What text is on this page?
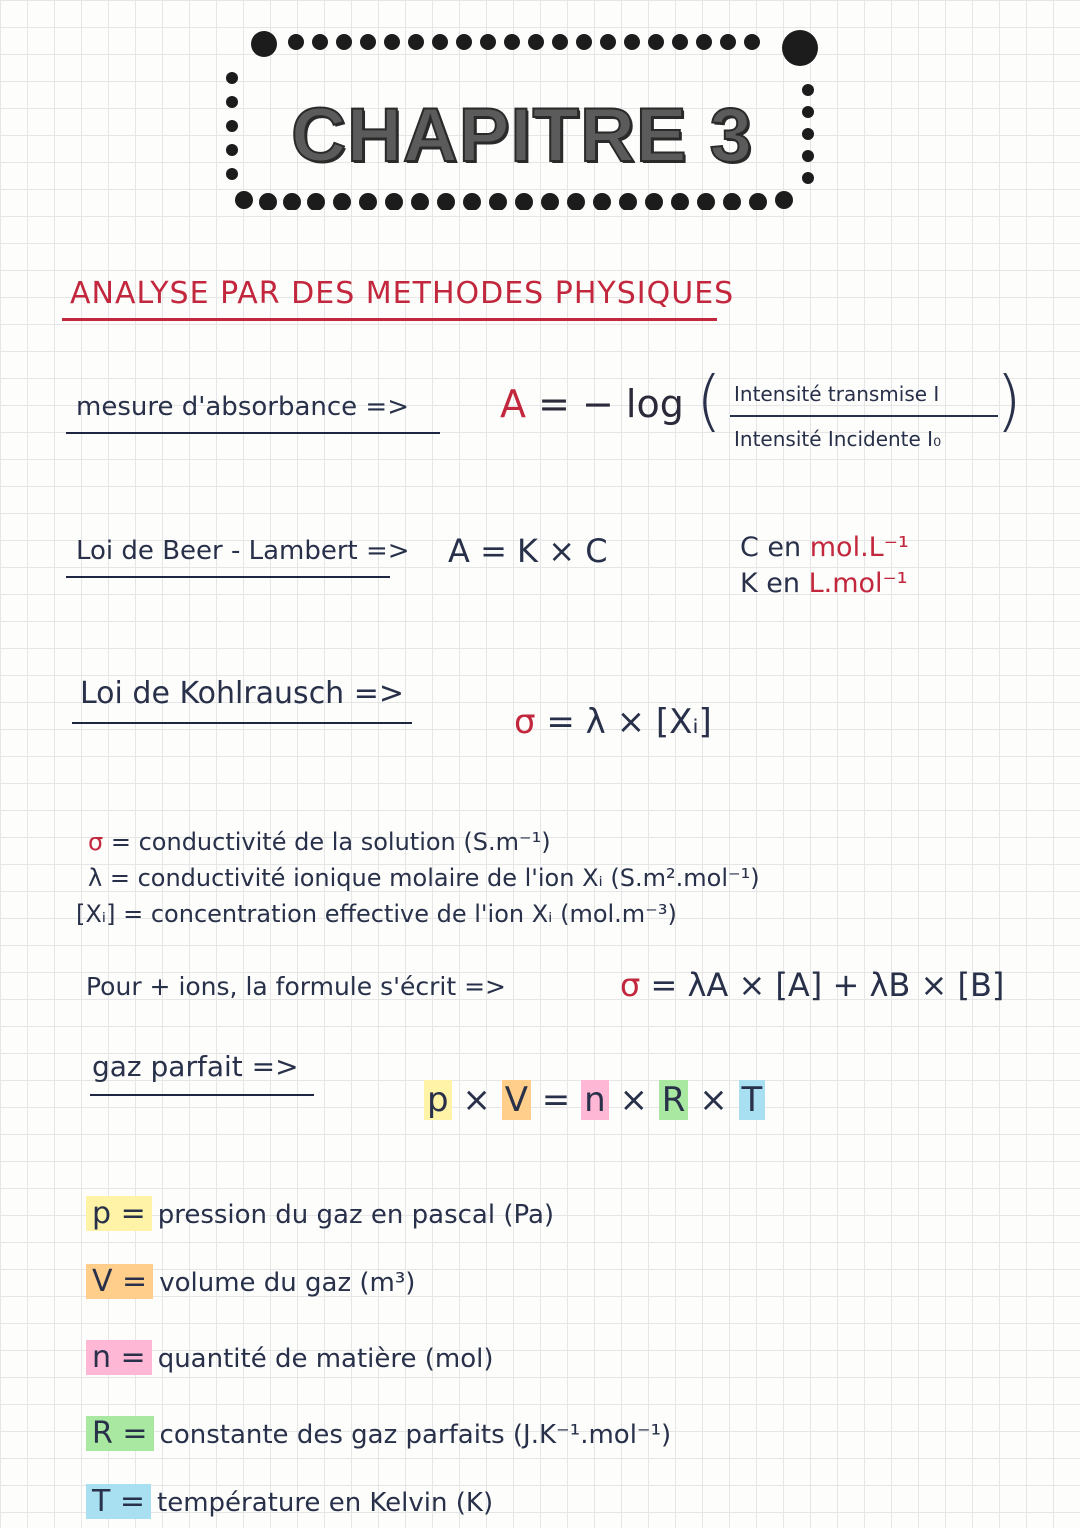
CHAPITRE 3
ANALYSE PAR DES METHODES PHYSIQUES
mesure d'absorbance => A = − log ( Intensité transmise I
Intensité Incidente I₀ )
Loi de Beer - Lambert => A = K × C	C en mol.L⁻¹
K en L.mol⁻¹
Loi de Kohlrausch =>
σ = λ × [Xᵢ]
σ = conductivité de la solution (S.m⁻¹)
λ = conductivité ionique molaire de l'ion Xᵢ (S.m².mol⁻¹)
[Xᵢ] = concentration effective de l'ion Xᵢ (mol.m⁻³)
Pour + ions, la formule s'écrit =>	σ = λA × [A] + λB × [B]
gaz parfait =>
p × V = n × R × T
p = pression du gaz en pascal (Pa)
V = volume du gaz (m³)
n = quantité de matière (mol)
R = constante des gaz parfaits (J.K⁻¹.mol⁻¹)
T = température en Kelvin (K)
